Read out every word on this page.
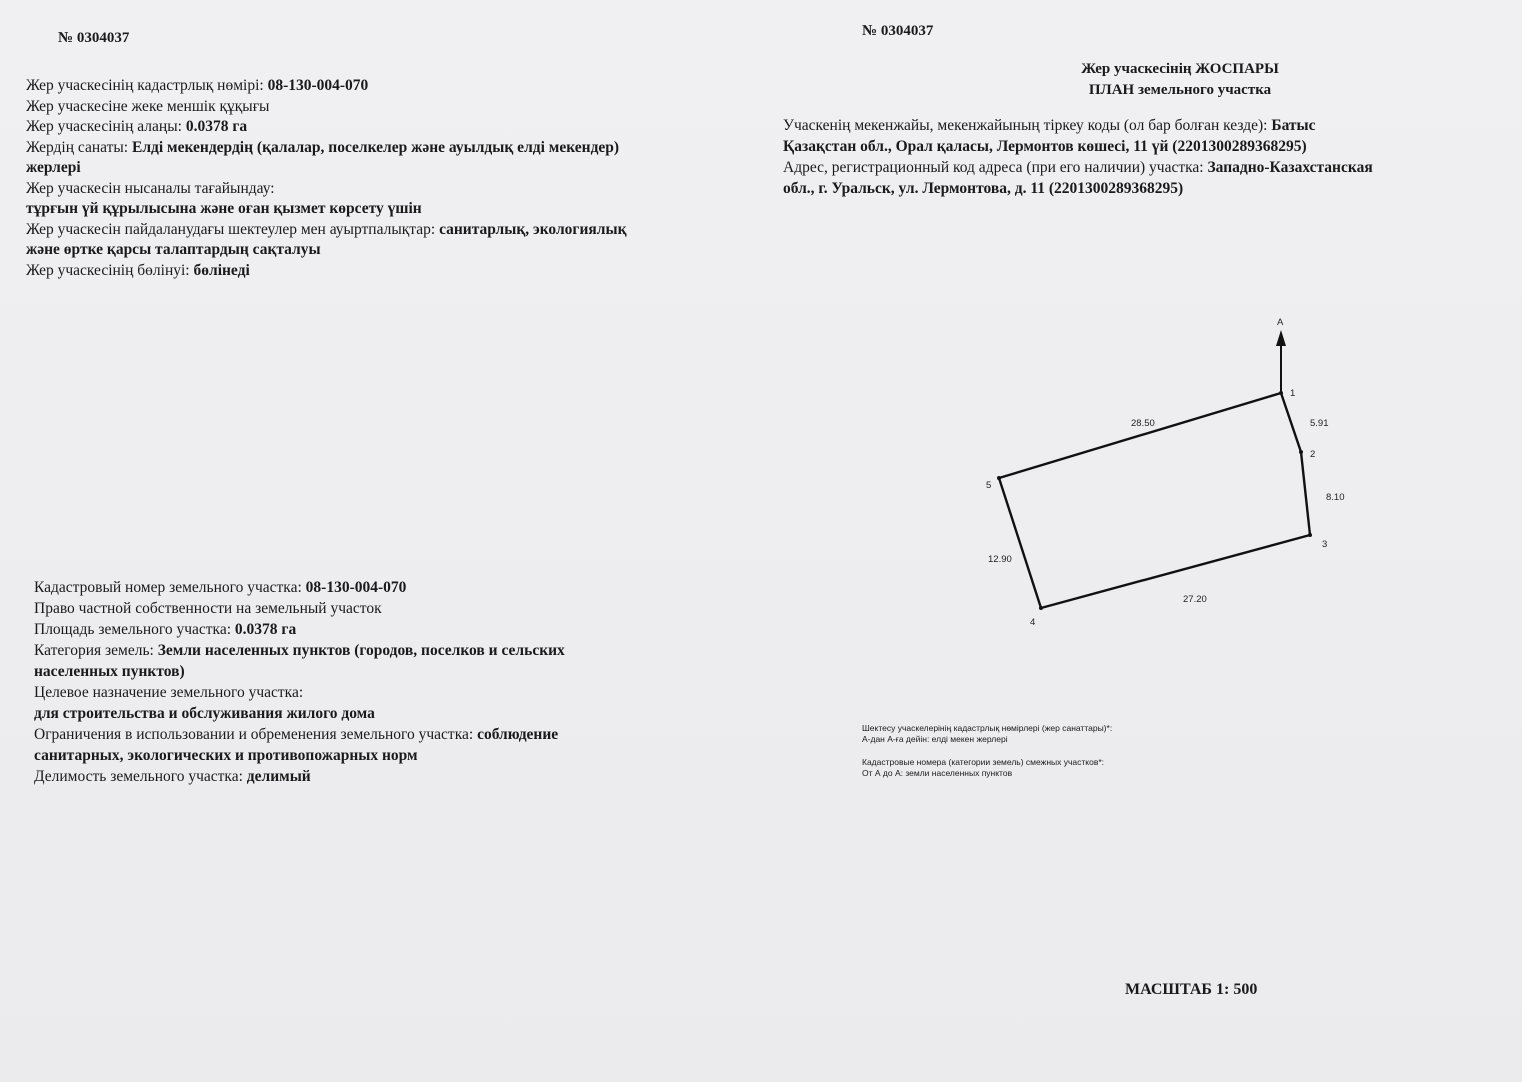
№ 0304037	№ 0304037

Жер учаскесінің кадастрлық нөмірі: 08-130-004-070

Жер учаскесіне жеке меншік құқығы

Жер учаскесінің алаңы: 0.0378 га

Жердің санаты: Елді мекендердің (қалалар, поселкелер және ауылдық елді мекендер)

жерлері

Жер учаскесін нысаналы тағайындау:

тұрғын үй құрылысына және оған қызмет көрсету үшін

Жер учаскесін пайдаланудағы шектеулер мен ауыртпалықтар: санитарлық, экологиялық

және өртке қарсы талаптардың сақталуы

Жер учаскесінің бөлінуі: бөлінеді

Кадастровый номер земельного участка: 08-130-004-070

Право частной собственности на земельный участок

Площадь земельного участка: 0.0378 га

Категория земель: Земли населенных пунктов (городов, поселков и сельских

населенных пунктов)

Целевое назначение земельного участка:

для строительства и обслуживания жилого дома

Ограничения в использовании и обременения земельного участка: соблюдение

санитарных, экологических и противопожарных норм

Делимость земельного участка: делимый

Жер учаскесінің ЖОСПАРЫ
ПЛАН земельного участка

Учаскенің мекенжайы, мекенжайының тіркеу коды (ол бар болған кезде): Батыс

Қазақстан обл., Орал қаласы, Лермонтов көшесі, 11 үй (2201300289368295)

Адрес, регистрационный код адреса (при его наличии) участка: Западно-Казахстанская

обл., г. Уральск, ул. Лермонтова, д. 11 (2201300289368295)

А
1
2
3
4
5
5.91
8.10
27.20
12.90
28.50

Шектесу учаскелерінің кадастрлық нөмірлері (жер санаттары)*:

А-дан А-ға дейін: елді мекен жерлері

Кадастровые номера (категории земель) смежных участков*:

От А до А: земли населенных пунктов

МАСШТАБ 1: 500
